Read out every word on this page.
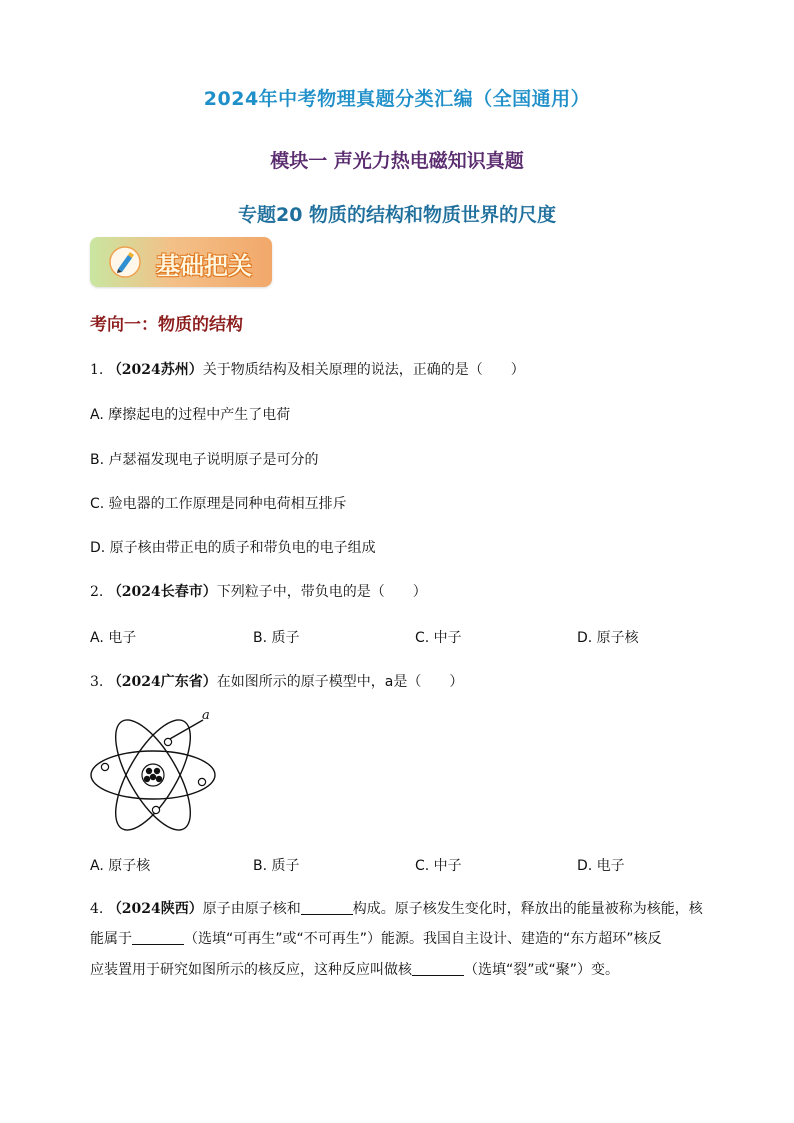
2024年中考物理真题分类汇编（全国通用）
模块一 声光力热电磁知识真题
专题20 物质的结构和物质世界的尺度
基础把关
考向一：物质的结构
1. （2024苏州）关于物质结构及相关原理的说法，正确的是（　　）
A. 摩擦起电的过程中产生了电荷
B. 卢瑟福发现电子说明原子是可分的
C. 验电器的工作原理是同种电荷相互排斥
D. 原子核由带正电的质子和带负电的电子组成
2. （2024长春市）下列粒子中，带负电的是（　　）
A. 电子	B. 质子	C. 中子	D. 原子核
3. （2024广东省）在如图所示的原子模型中，a是（　　）
a
A. 原子核	B. 质子	C. 中子	D. 电子
4. （2024陕西）原子由原子核和	构成。原子核发生变化时，释放出的能量被称为核能，核
能属于	（选填“可再生”或“不可再生”）能源。我国自主设计、建造的“东方超环”核反
应装置用于研究如图所示的核反应，这种反应叫做核	（选填“裂”或“聚”）变。
